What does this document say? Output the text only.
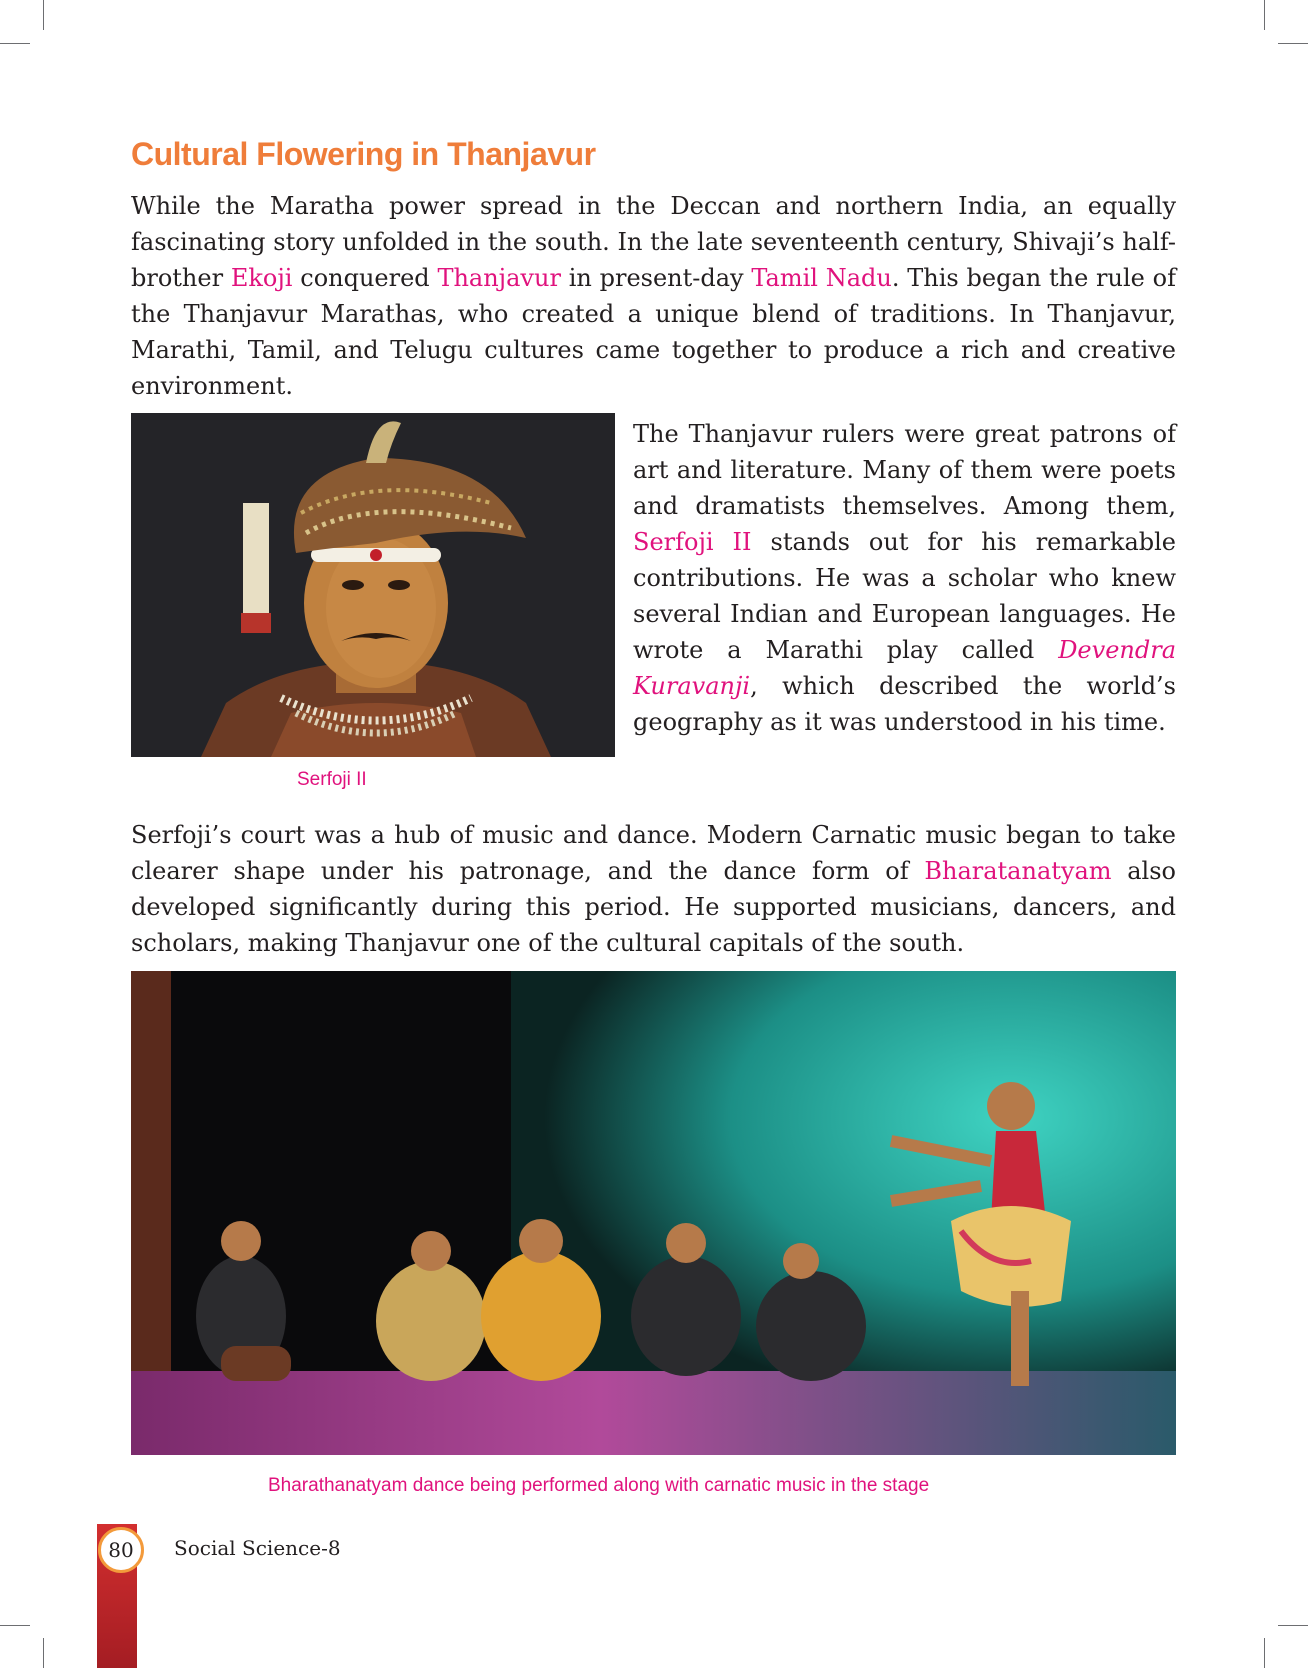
Cultural Flowering in Thanjavur

While the Maratha power spread in the Deccan and northern India, an equally fascinating story unfolded in the south. In the late seventeenth century, Shivaji’s half-brother Ekoji conquered Thanjavur in present-day Tamil Nadu. This began the rule of the Thanjavur Marathas, who created a unique blend of traditions. In Thanjavur, Marathi, Tamil, and Telugu cultures came together to produce a rich and creative environment.

Serfoji II

The Thanjavur rulers were great patrons of art and literature. Many of them were poets and dramatists themselves. Among them, Serfoji II stands out for his remarkable contributions. He was a scholar who knew several Indian and European languages. He wrote a Marathi play called Devendra Kuravanji, which described the world’s geography as it was understood in his time.

Serfoji’s court was a hub of music and dance. Modern Carnatic music began to take clearer shape under his patronage, and the dance form of Bharatanatyam also developed significantly during this period. He supported musicians, dancers, and scholars, making Thanjavur one of the cultural capitals of the south.

Bharathanatyam dance being performed along with carnatic music in the stage

80 Social Science-8
